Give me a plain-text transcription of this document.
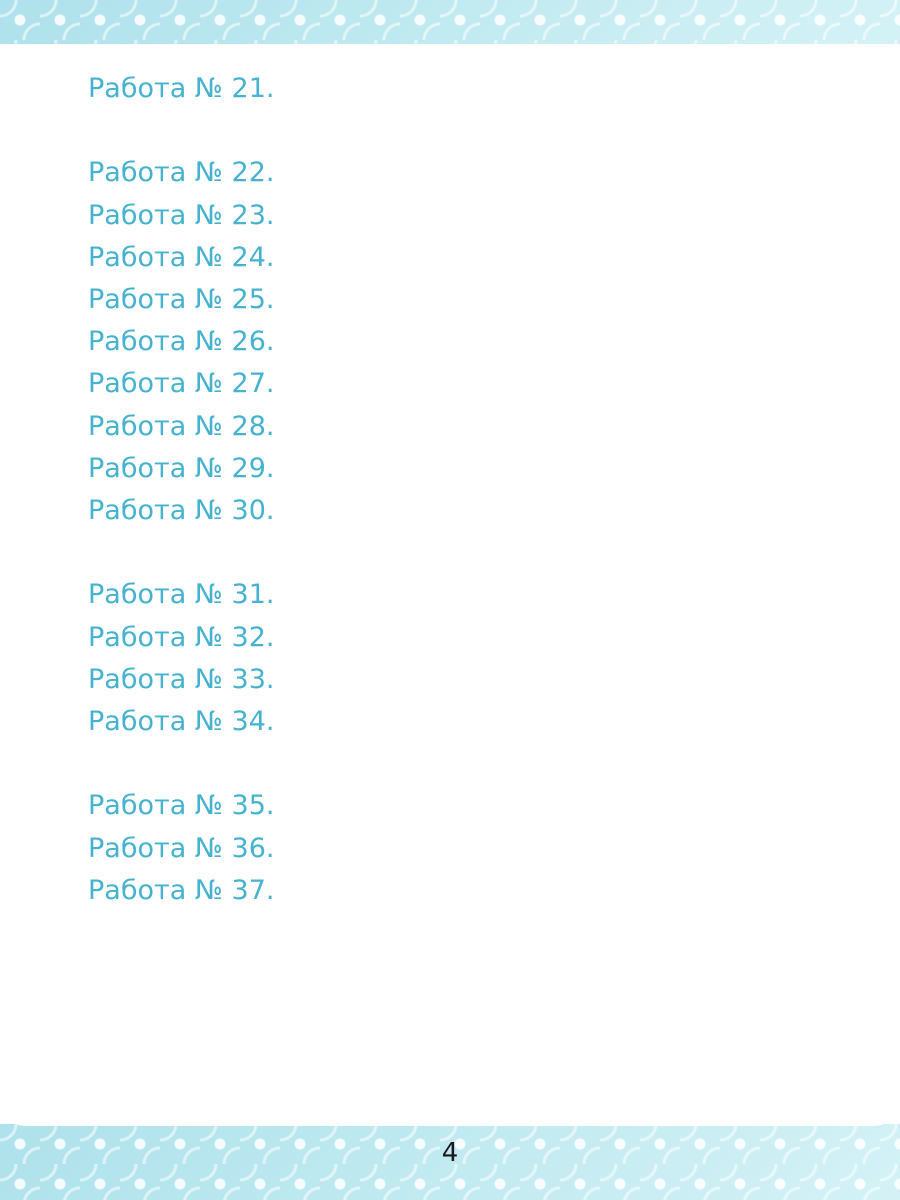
Работа № 21.
Работа № 22.
Работа № 23.
Работа № 24.
Работа № 25.
Работа № 26.
Работа № 27.
Работа № 28.
Работа № 29.
Работа № 30.
Работа № 31.
Работа № 32.
Работа № 33.
Работа № 34.
Работа № 35.
Работа № 36.
Работа № 37.
4
